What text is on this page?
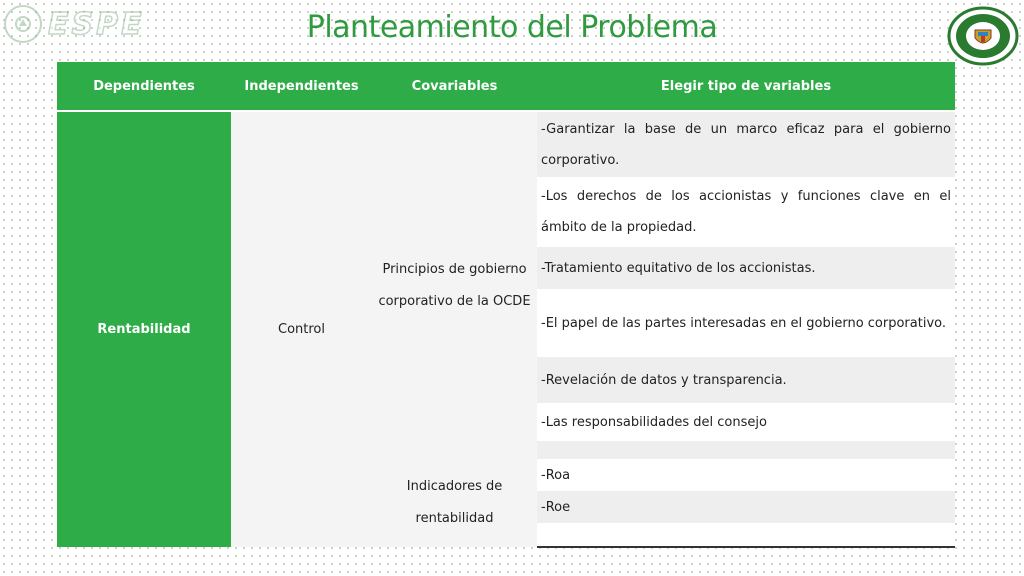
ESPE	Planteamiento del Problema
Dependientes	Independientes	Covariables	Elegir tipo de variables
Rentabilidad	Control	Principios de gobierno corporativo de la OCDE	-Garantizar la base de un marco eficaz para el gobierno corporativo.
			-Los derechos de los accionistas y funciones clave en el ámbito de la propiedad.
			-Tratamiento equitativo de los accionistas.
			-El papel de las partes interesadas en el gobierno corporativo.
			-Revelación de datos y transparencia.
			-Las responsabilidades del consejo

		Indicadores de rentabilidad	-Roa
			-Roe
